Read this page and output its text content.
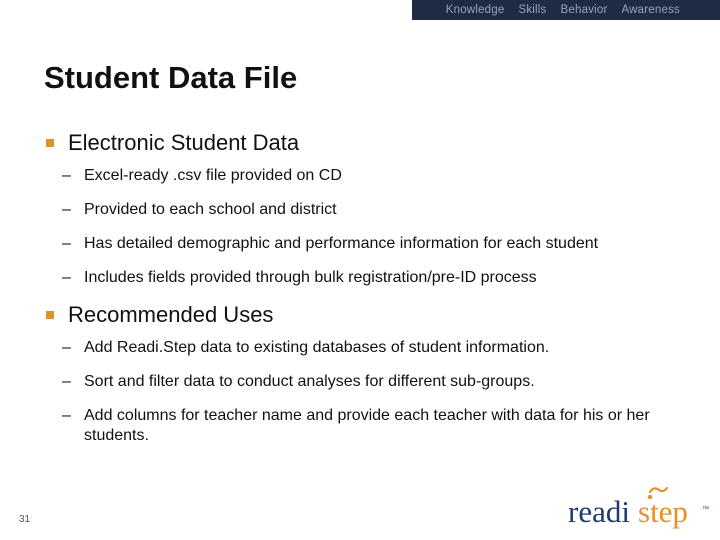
Knowledge Skills Behavior Awareness
Student Data File
Electronic Student Data
– Excel-ready .csv file provided on CD
– Provided to each school and district
– Has detailed demographic and performance information for each student
– Includes fields provided through bulk registration/pre-ID process
Recommended Uses
– Add Readi.Step data to existing databases of student information.
– Sort and filter data to conduct analyses for different sub-groups.
– Add columns for teacher name and provide each teacher with data for his or her students.
31	readi step ™
